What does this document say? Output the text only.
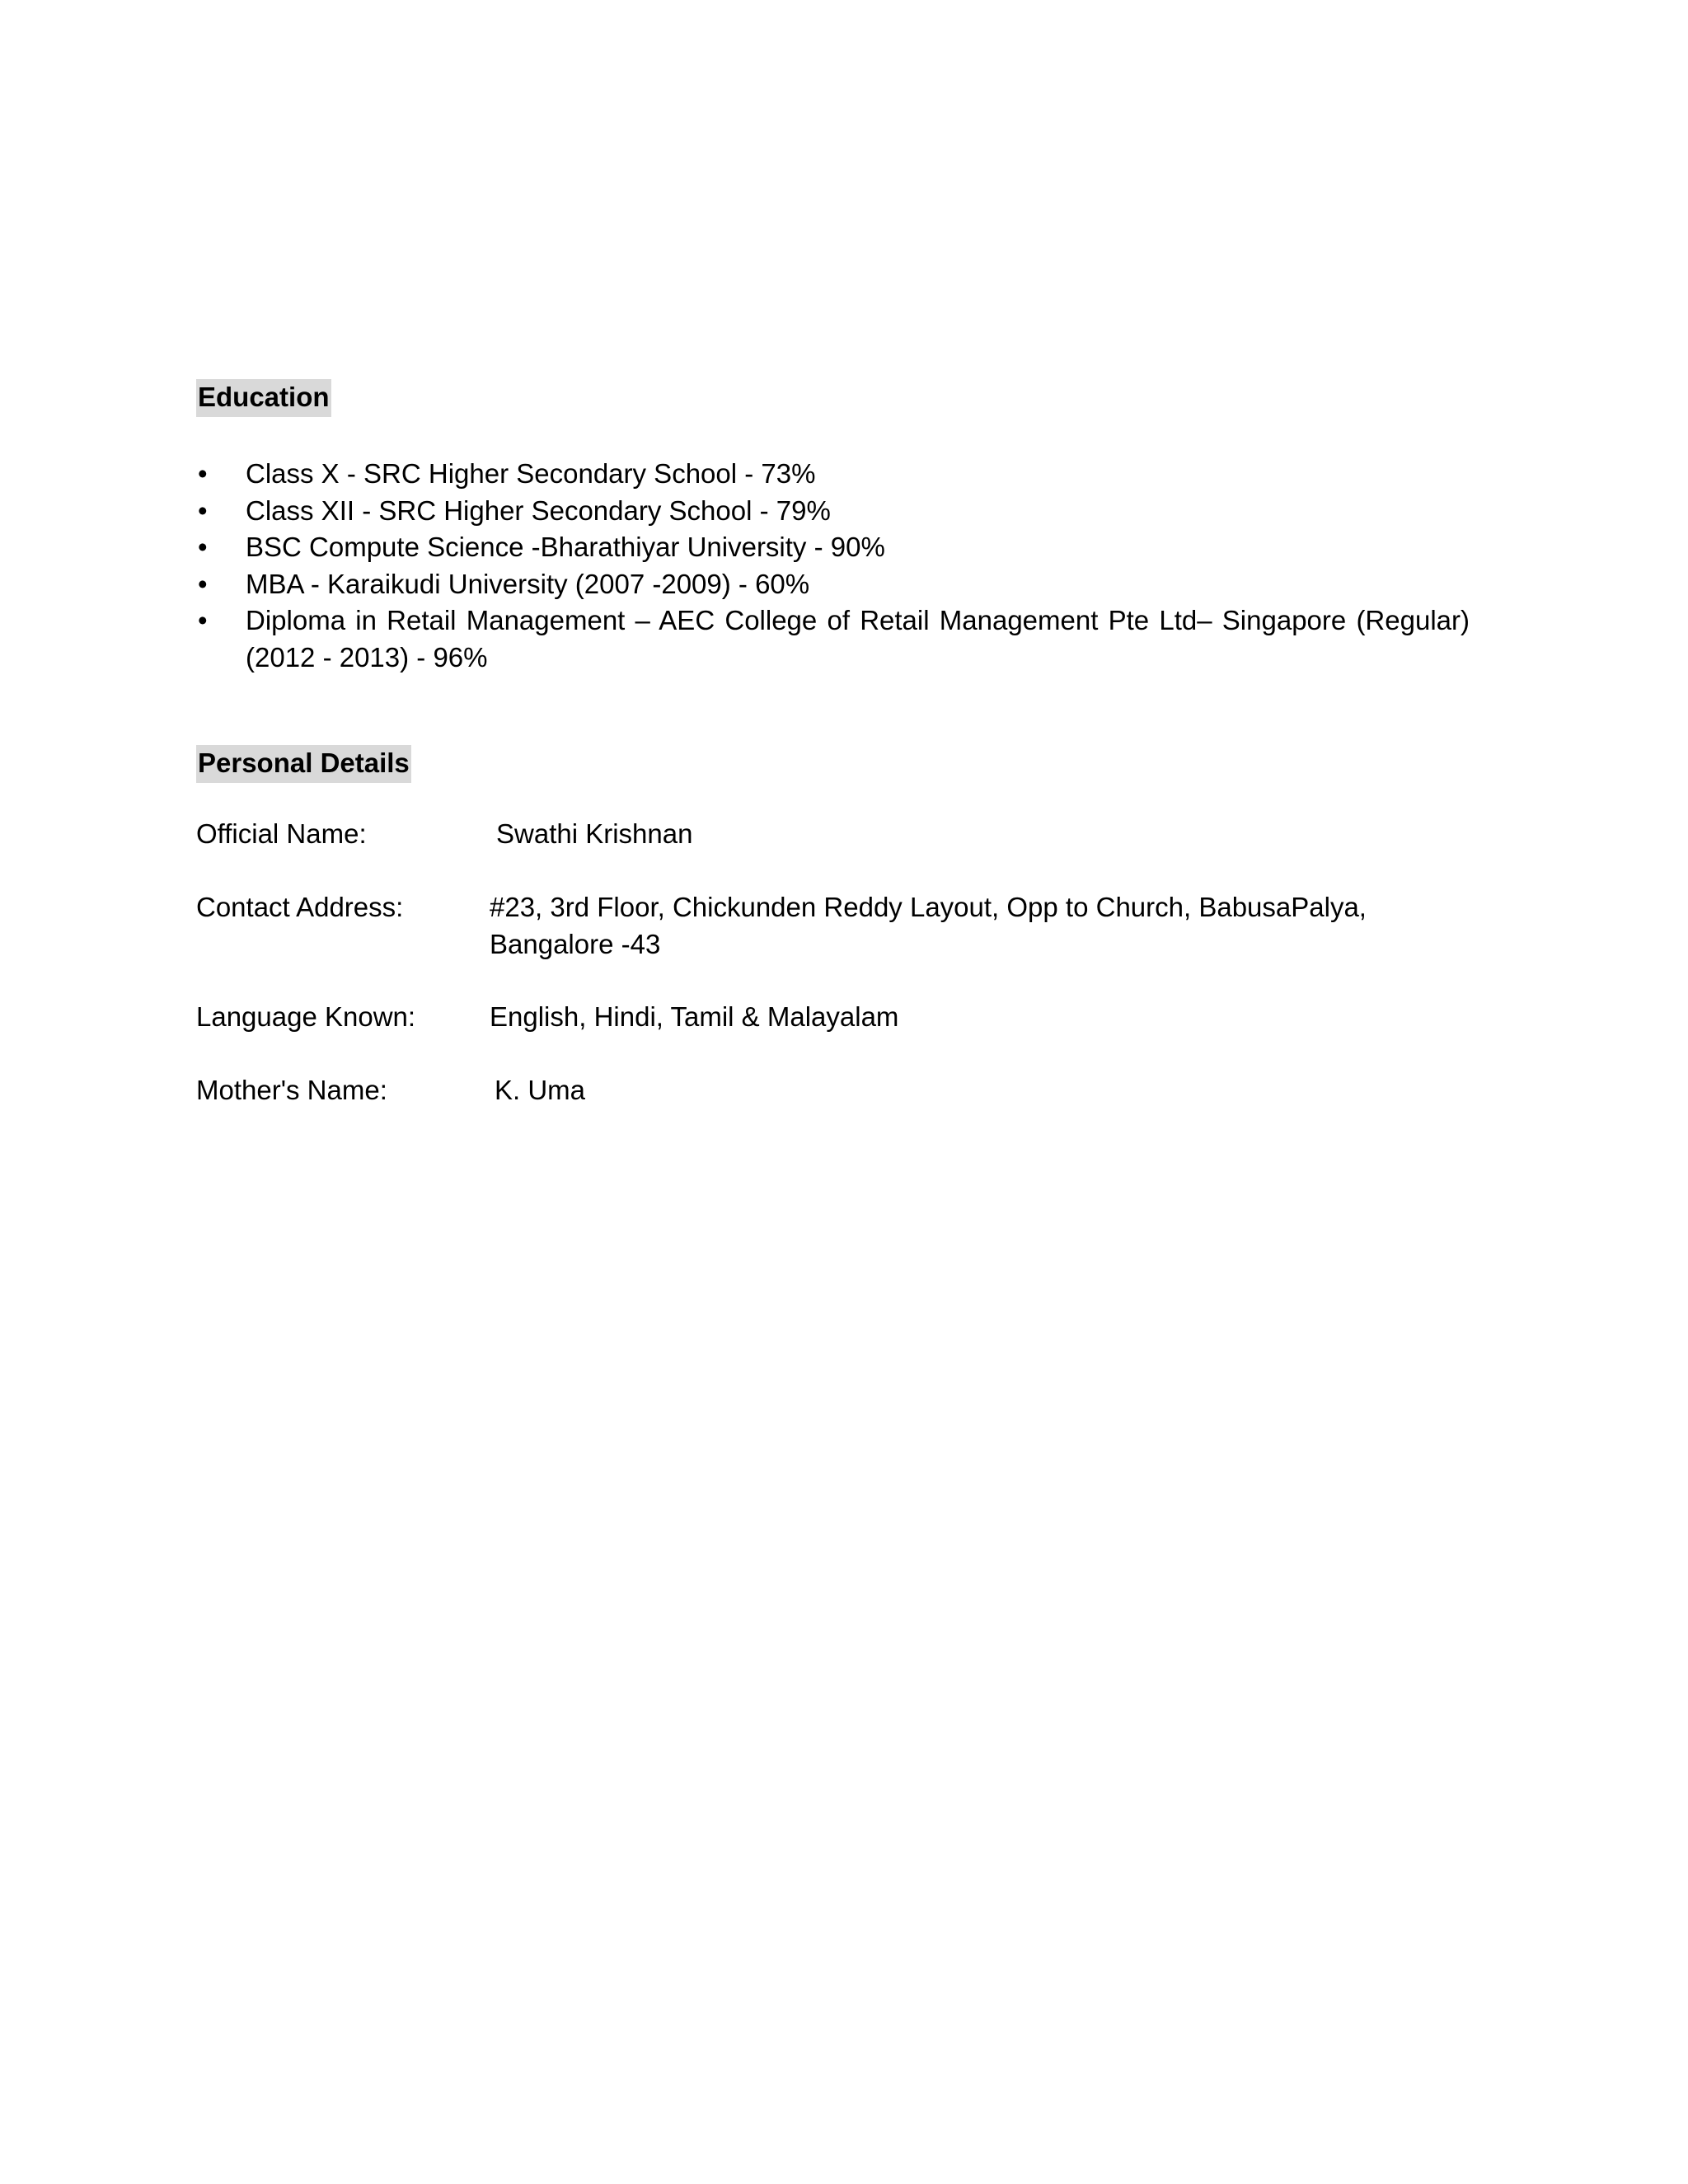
Education
• Class X - SRC Higher Secondary School - 73%
• Class XII - SRC Higher Secondary School - 79%
• BSC Compute Science -Bharathiyar University - 90%
• MBA - Karaikudi University (2007 -2009) - 60%
• Diploma in Retail Management – AEC College of Retail Management Pte Ltd– Singapore (Regular) (2012 - 2013) - 96%
Personal Details
Official Name:	Swathi Krishnan
Contact Address:	#23, 3rd Floor, Chickunden Reddy Layout, Opp to Church, BabusaPalya,
Bangalore -43
Language Known:	English, Hindi, Tamil & Malayalam
Mother's Name:	K. Uma
